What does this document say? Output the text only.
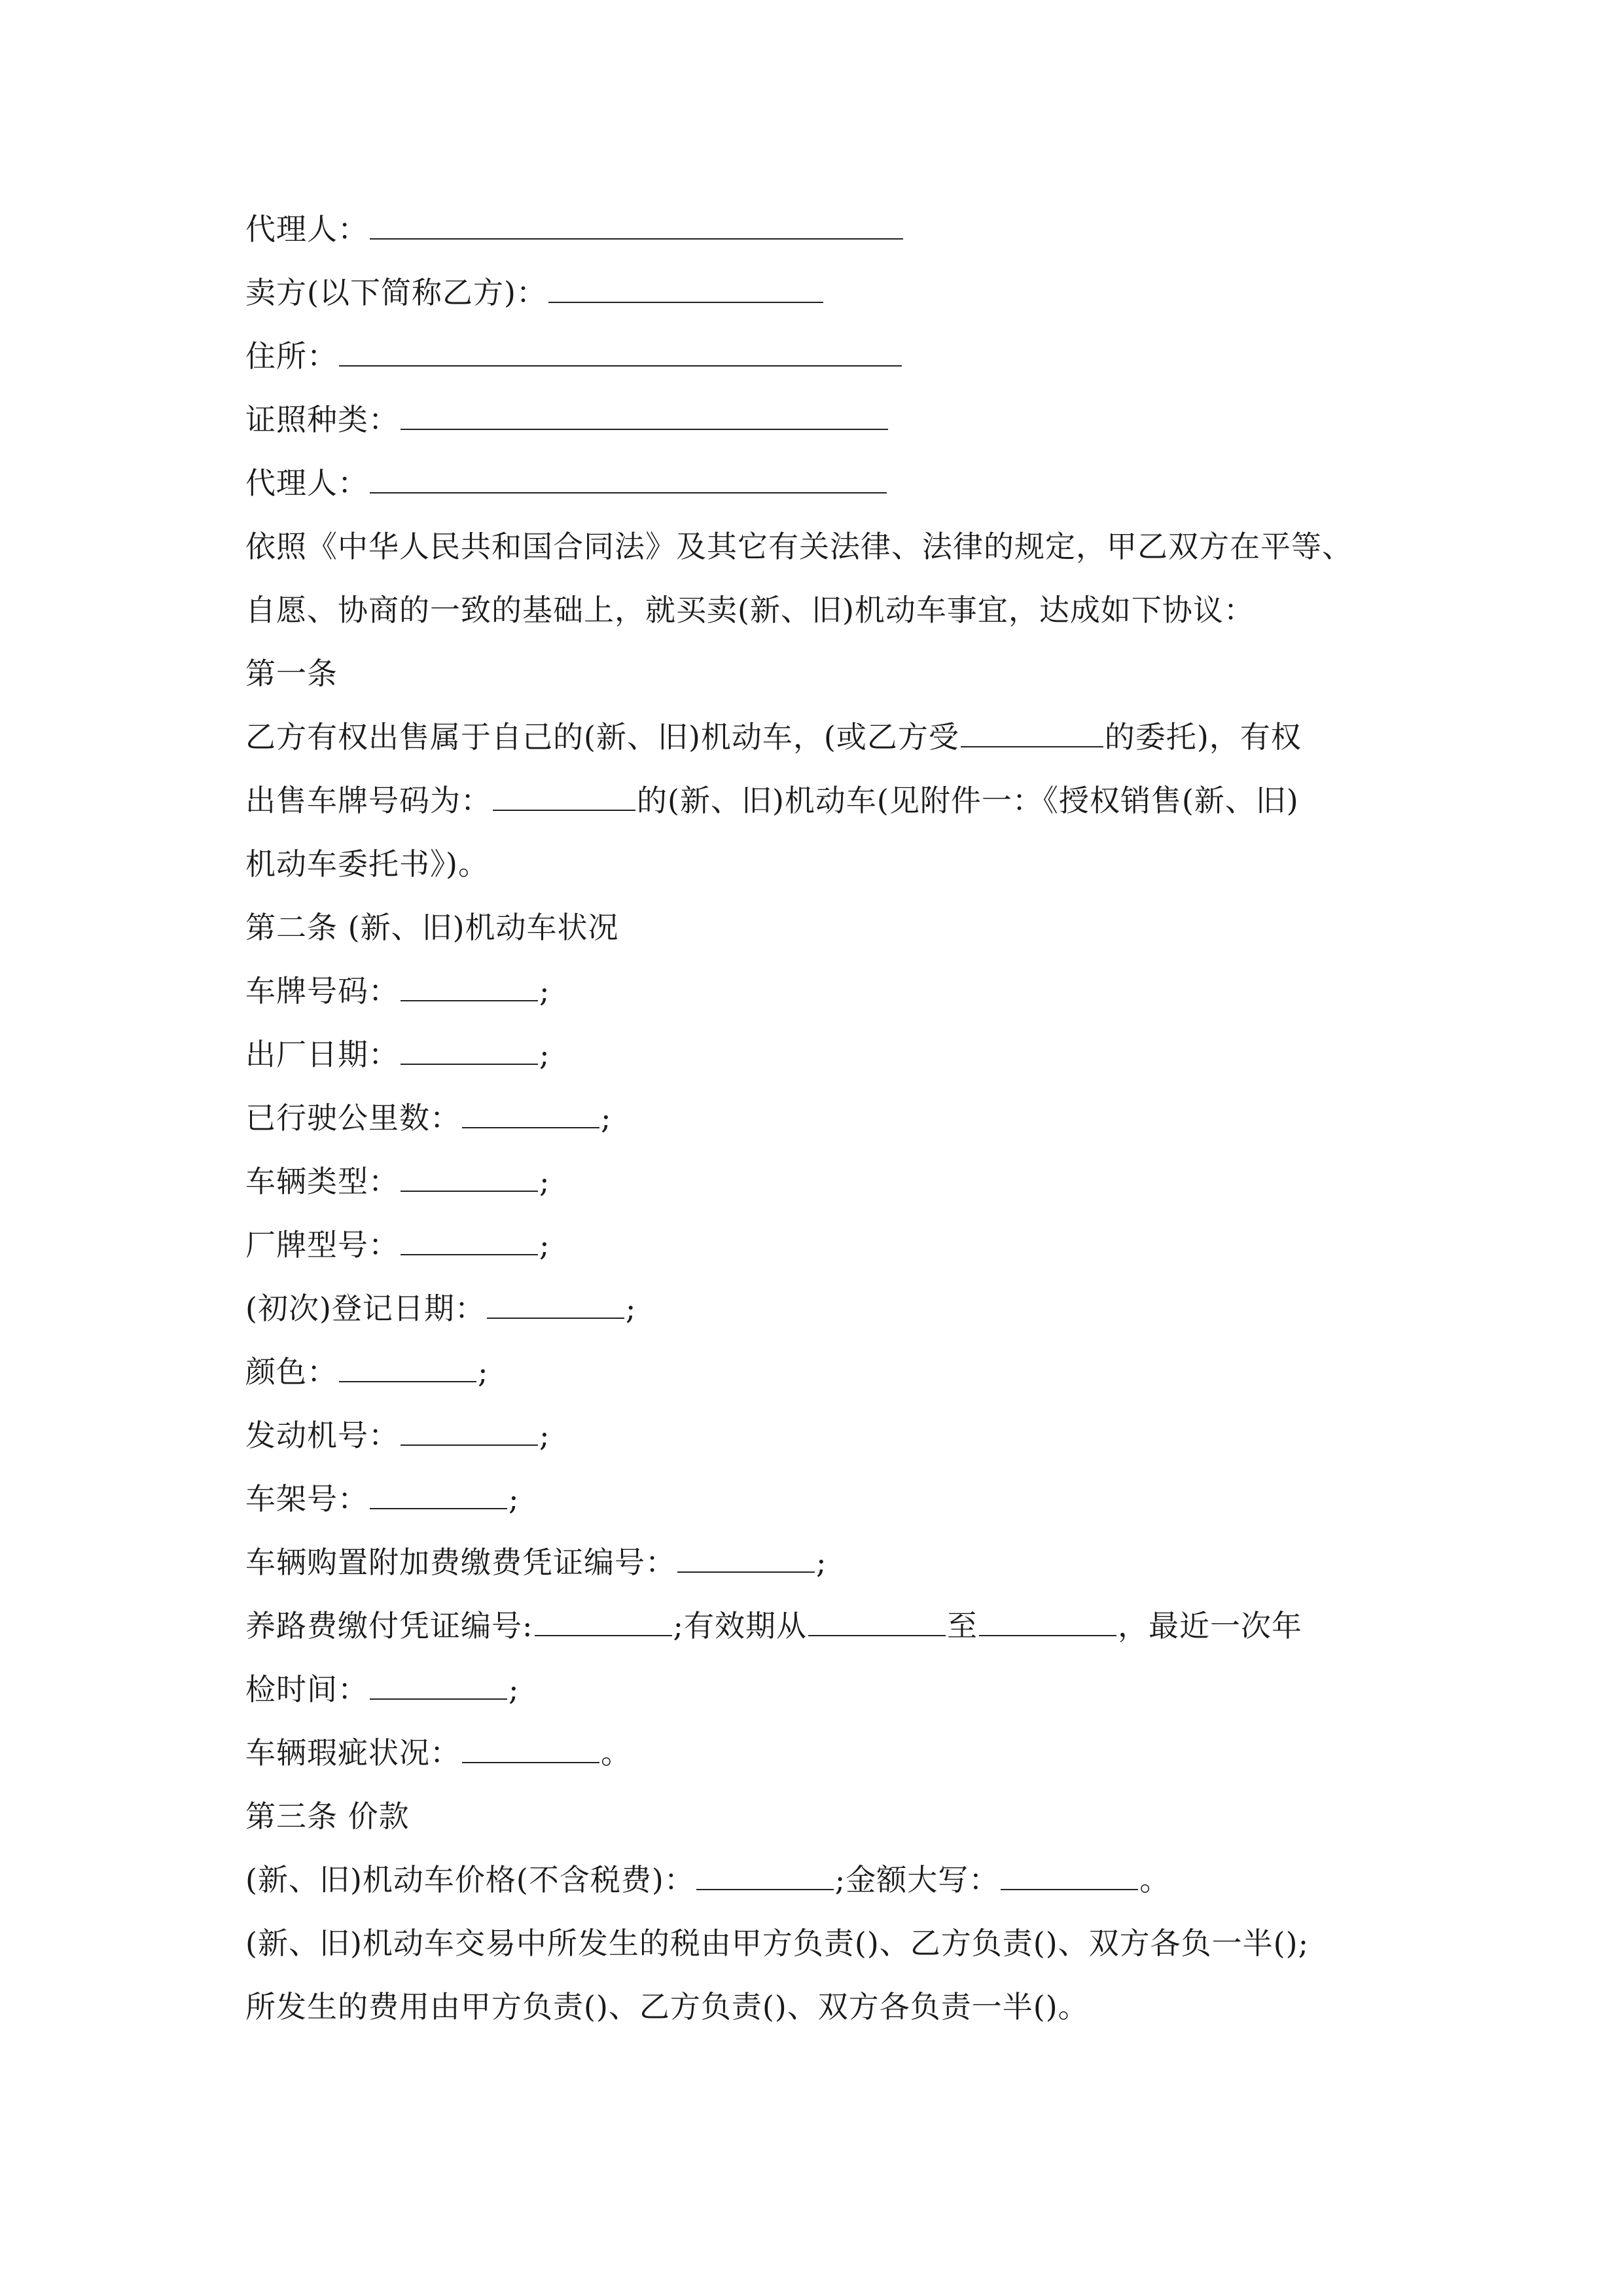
代理人：
卖方(以下简称乙方)：
住所：
证照种类：
代理人：
依照《中华人民共和国合同法》及其它有关法律、法律的规定，甲乙双方在平等、
自愿、协商的一致的基础上，就买卖(新、旧)机动车事宜，达成如下协议：
第一条
乙方有权出售属于自己的(新、旧)机动车，(或乙方受	的委托)，有权
出售车牌号码为：	的(新、旧)机动车(见附件一：《授权销售(新、旧)
机动车委托书》)。
第二条 (新、旧)机动车状况
车牌号码：	;
出厂日期：	;
已行驶公里数：	;
车辆类型：	;
厂牌型号：	;
(初次)登记日期：	;
颜色：	;
发动机号：	;
车架号：	;
车辆购置附加费缴费凭证编号：	;
养路费缴付凭证编号:	;有效期从	至	，最近一次年
检时间：	;
车辆瑕疵状况：	。
第三条 价款
(新、旧)机动车价格(不含税费)：	;金额大写：	。
(新、旧)机动车交易中所发生的税由甲方负责()、乙方负责()、双方各负一半();
所发生的费用由甲方负责()、乙方负责()、双方各负责一半()。
